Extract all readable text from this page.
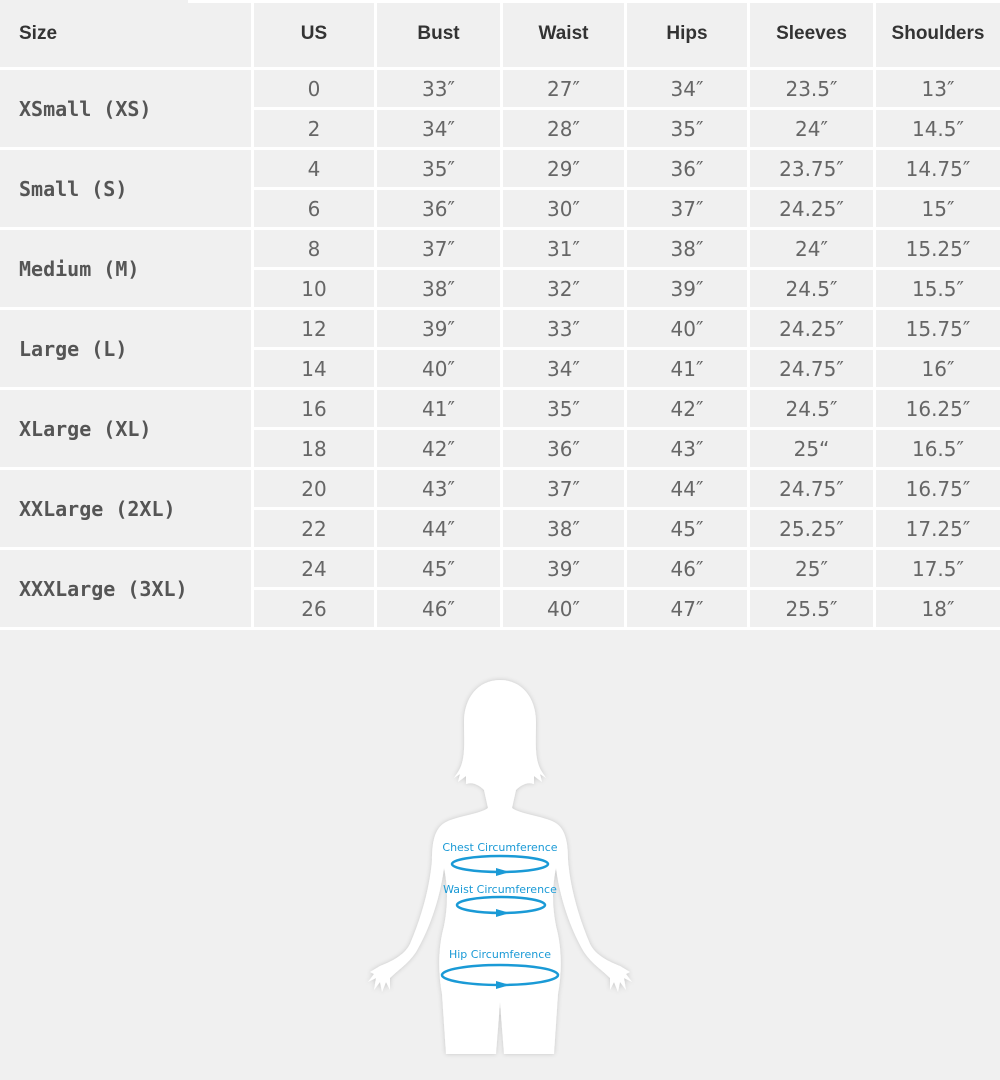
Size	US	Bust	Waist	Hips	Sleeves	Shoulders
XSmall (XS)	0	33″	27″	34″	23.5″	13″
	2	34″	28″	35″	24″	14.5″
Small (S)	4	35″	29″	36″	23.75″	14.75″
	6	36″	30″	37″	24.25″	15″
Medium (M)	8	37″	31″	38″	24″	15.25″
	10	38″	32″	39″	24.5″	15.5″
Large (L)	12	39″	33″	40″	24.25″	15.75″
	14	40″	34″	41″	24.75″	16″
XLarge (XL)	16	41″	35″	42″	24.5″	16.25″
	18	42″	36″	43″	25“	16.5″
XXLarge (2XL)	20	43″	37″	44″	24.75″	16.75″
	22	44″	38″	45″	25.25″	17.25″
XXXLarge (3XL)	24	45″	39″	46″	25″	17.5″
	26	46″	40″	47″	25.5″	18″
Chest Circumference
Waist Circumference
Hip Circumference
